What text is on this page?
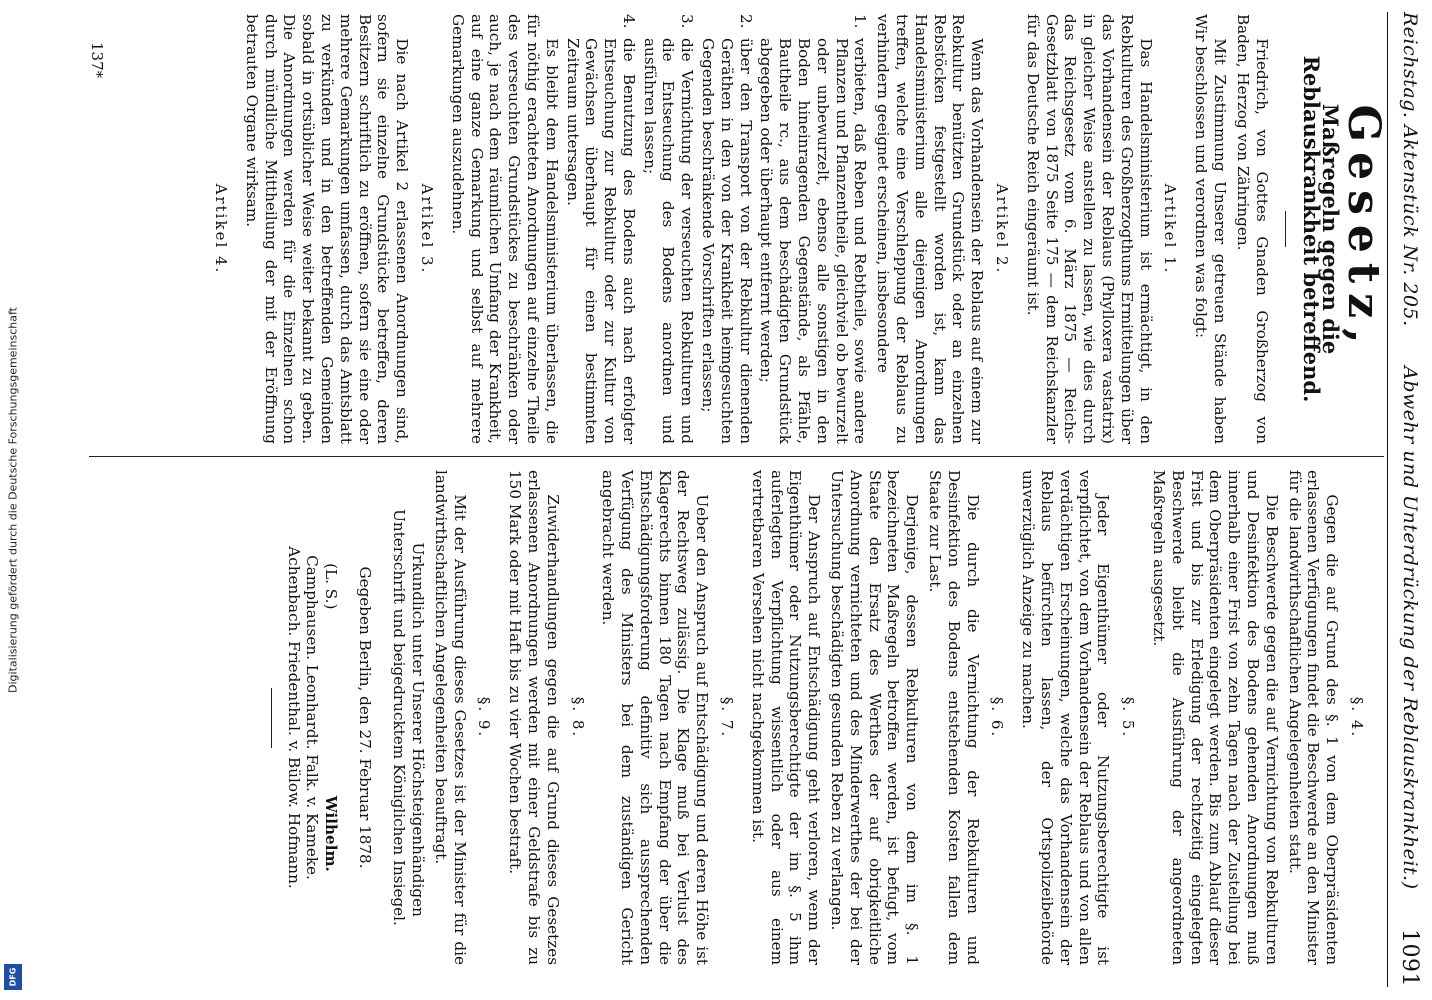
Digitalisierung gefördert durch die Deutsche Forschungsgemeinschaft
DFG
Reichstag. Aktenstück Nr. 205.
Abwehr und Unterdrückung der Reblauskrankheit.)
1091
Gesetz,
Maßregeln gegen die Reblauskrankheit betreffend.

Friedrich, von Gottes Gnaden Großherzog von Baden, Herzog von Zähringen.

Mit Zustimmung Unserer getreuen Stände haben Wir beschlossen und verordnen was folgt:

Artikel 1.

Das Handelsministerium ist ermächtigt, in den Rebkulturen des Großherzogthums Ermittelungen über das Vorhandensein der Reblaus (Phylloxera vastatrix) in gleicher Weise anstellen zu lassen, wie dies durch das Reichsgesetz vom 6. März 1875 — Reichs-Gesetzblatt von 1875 Seite 175 — dem Reichskanzler für das Deutsche Reich eingeräumt ist.

Artikel 2.

Wenn das Vorhandensein der Reblaus auf einem zur Rebkultur benützten Grundstück oder an einzelnen Rebstöcken festgestellt worden ist, kann das Handelsministerium alle diejenigen Anordnungen treffen, welche eine Verschleppung der Reblaus zu verhindern geeignet erscheinen, insbesondere

1.
verbieten, daß Reben und Rebtheile, sowie andere Pflanzen und Pflanzentheile, gleichviel ob bewurzelt oder unbewurzelt, ebenso alle sonstigen in den Boden hineinragenden Gegenstände, als Pfähle, Bautheile rc., aus dem beschädigten Grundstück abgegeben oder überhaupt entfernt werden;
2.
über den Transport von der Rebkultur dienenden Geräthen in den von der Krankheit heimgesuchten Gegenden beschränkende Vorschriften erlassen;
3.
die Vernichtung der verseuchten Rebkulturen und die Entseuchung des Bodens anordnen und ausführen lassen;
4.
die Benutzung des Bodens auch nach erfolgter Entseuchung zur Rebkultur oder zur Kultur von Gewächsen überhaupt für einen bestimmten Zeitraum untersagen.

Es bleibt dem Handelsministerium überlassen, die für nöthig erachteten Anordnungen auf einzelne Theile des verseuchten Grundstückes zu beschränken oder auch, je nach dem räumlichen Umfang der Krankheit, auf eine ganze Gemarkung und selbst auf mehrere Gemarkungen auszudehnen.

Artikel 3.

Die nach Artikel 2 erlassenen Anordnungen sind, sofern sie einzelne Grundstücke betreffen, deren Besitzern schriftlich zu eröffnen, sofern sie eine oder mehrere Gemarkungen umfassen, durch das Amtsblatt zu verkünden und in den betreffenden Gemeinden sobald in ortsüblicher Weise weiter bekannt zu geben. Die Anordnungen werden für die Einzelnen schon durch mündliche Mittheilung der mit der Eröffnung betrauten Organe wirksam.

Artikel 4.
137*
§. 4.

Gegen die auf Grund des §. 1 von dem Oberpräsidenten erlassenen Verfügungen findet die Beschwerde an den Minister für die landwirthschaftlichen Angelegenheiten statt.

Die Beschwerde gegen die auf Vernichtung von Rebkulturen und Desinfektion des Bodens gehenden Anordnungen muß innerhalb einer Frist von zehn Tagen nach der Zustellung bei dem Oberpräsidenten eingelegt werden. Bis zum Ablauf dieser Frist und bis zur Erledigung der rechtzeitig eingelegten Beschwerde bleibt die Ausführung der angeordneten Maßregeln ausgesetzt.

§. 5.

Jeder Eigenthümer oder Nutzungsberechtigte ist verpflichtet, von dem Vorhandensein der Reblaus und von allen verdächtigen Erscheinungen, welche das Vorhandensein der Reblaus befürchten lassen, der Ortspolizeibehörde unverzüglich Anzeige zu machen.

§. 6.

Die durch die Vernichtung der Rebkulturen und Desinfektion des Bodens entstehenden Kosten fallen dem Staate zur Last.

Derjenige, dessen Rebkulturen von dem im §. 1 bezeichneten Maßregeln betroffen werden, ist befugt, vom Staate den Ersatz des Werthes der auf obrigkeitliche Anordnung vernichteten und des Minderwerthes der bei der Untersuchung beschädigten gesunden Reben zu verlangen.

Der Anspruch auf Entschädigung geht verloren, wenn der Eigenthümer oder Nutzungsberechtigte der im §. 5 ihm auferlegten Verpflichtung wissentlich oder aus einem vertretbaren Versehen nicht nachgekommen ist.

§. 7.

Ueber den Anspruch auf Entschädigung und deren Höhe ist der Rechtsweg zulässig. Die Klage muß bei Verlust des Klagerechts binnen 180 Tagen nach Empfang der über die Entschädigungsforderung definitiv sich aussprechenden Verfügung des Ministers bei dem zuständigen Gericht angebracht werden.

§. 8.

Zuwiderhandlungen gegen die auf Grund dieses Gesetzes erlassenen Anordnungen werden mit einer Geldstrafe bis zu 150 Mark oder mit Haft bis zu vier Wochen bestraft.

§. 9.

Mit der Ausführung dieses Gesetzes ist der Minister für die landwirthschaftlichen Angelegenheiten beauftragt.

Urkundlich unter Unserer Höchsteigenhändigen Unterschrift und beigedrucktem Königlichen Insiegel.

Gegeben Berlin, den 27. Februar 1878.

(L. S.)
Wilhelm.
Camphausen. Leonhardt. Falk. v. Kameke.
Achenbach. Friedenthal. v. Bülow. Hofmann.
